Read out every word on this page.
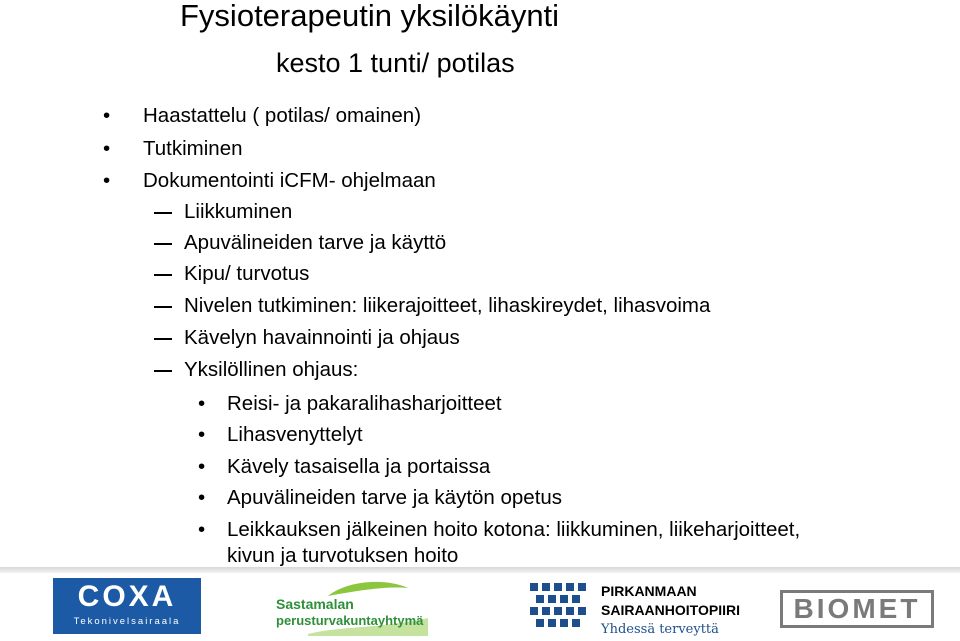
Fysioterapeutin yksilökäynti
kesto 1 tunti/ potilas
Haastattelu ( potilas/ omainen)
Tutkiminen
Dokumentointi iCFM- ohjelmaan
Liikkuminen
Apuvälineiden tarve ja käyttö
Kipu/ turvotus
Nivelen tutkiminen: liikerajoitteet, lihaskireydet, lihasvoima
Kävelyn havainnointi ja ohjaus
Yksilöllinen ohjaus:
• Reisi- ja pakaralihasharjoitteet
• Lihasvenyttelyt
• Kävely tasaisella ja portaissa
• Apuvälineiden tarve ja käytön opetus
• Leikkauksen jälkeinen hoito kotona: liikkuminen, liikeharjoitteet,
kivun ja turvotuksen hoito
COXA
Tekonivelsairaala
Sastamalan
perusturvakuntayhtymä
PIRKANMAAN
SAIRAANHOITOPIIRI
Yhdessä terveyttä
BIOMET
